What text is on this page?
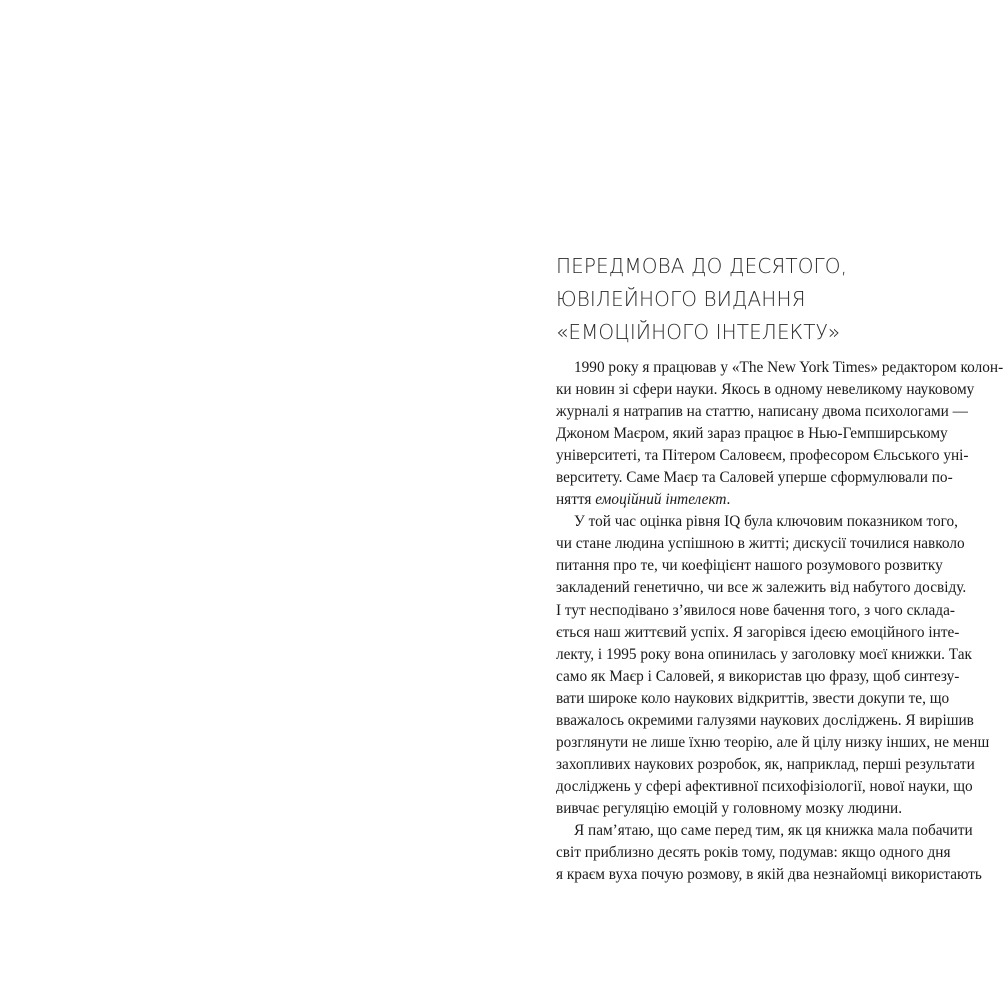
ПЕРЕДМОВА ДО ДЕСЯТОГО,
ЮВІЛЕЙНОГО ВИДАННЯ
«ЕМОЦІЙНОГО ІНТЕЛЕКТУ»
1990 року я працював у «The New York Times» редактором колон-
ки новин зі сфери науки. Якось в одному невеликому науковому
журналі я натрапив на статтю, написану двома психологами —
Джоном Маєром, який зараз працює в Нью-Гемпширському
університеті, та Пітером Саловеєм, професором Єльського уні-
верситету. Саме Маєр та Саловей уперше сформулювали по-
няття емоційний інтелект.
У той час оцінка рівня IQ була ключовим показником того,
чи стане людина успішною в житті; дискусії точилися навколо
питання про те, чи коефіцієнт нашого розумового розвитку
закладений генетично, чи все ж залежить від набутого досвіду.
І тут несподівано з’явилося нове бачення того, з чого склада-
ється наш життєвий успіх. Я загорівся ідеєю емоційного інте-
лекту, і 1995 року вона опинилась у заголовку моєї книжки. Так
само як Маєр і Саловей, я використав цю фразу, щоб синтезу-
вати широке коло наукових відкриттів, звести докупи те, що
вважалось окремими галузями наукових досліджень. Я вирішив
розглянути не лише їхню теорію, але й цілу низку інших, не менш
захопливих наукових розробок, як, наприклад, перші результати
досліджень у сфері афективної психофізіології, нової науки, що
вивчає регуляцію емоцій у головному мозку людини.
Я пам’ятаю, що саме перед тим, як ця книжка мала побачити
світ приблизно десять років тому, подумав: якщо одного дня
я краєм вуха почую розмову, в якій два незнайомці використають
